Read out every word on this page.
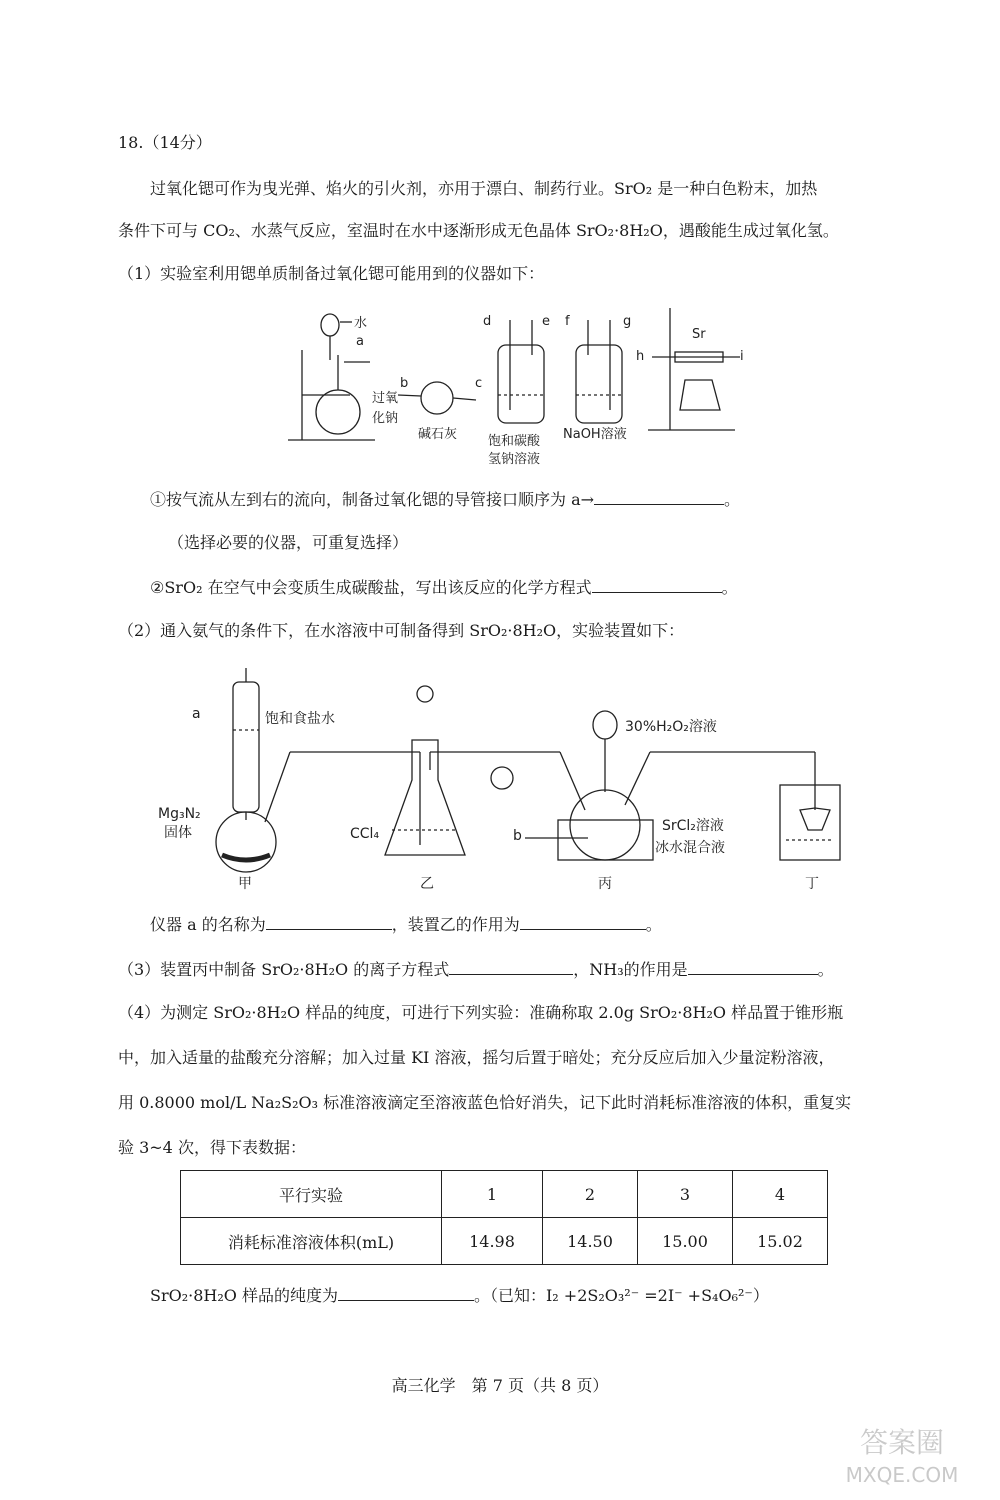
18.（14分）
过氧化锶可作为曳光弹、焰火的引火剂，亦用于漂白、制药行业。SrO₂ 是一种白色粉末，加热
条件下可与 CO₂、水蒸气反应，室温时在水中逐渐形成无色晶体 SrO₂·8H₂O，遇酸能生成过氧化氢。
（1）实验室利用锶单质制备过氧化锶可能用到的仪器如下：
水
a
过氧
化钠
b	c
碱石灰
d	e
饱和碳酸
氢钠溶液
f	g
NaOH溶液
Sr
h	i
①按气流从左到右的流向，制备过氧化锶的导管接口顺序为 a→	。
（选择必要的仪器，可重复选择）
②SrO₂ 在空气中会变质生成碳酸盐，写出该反应的化学方程式	。
（2）通入氨气的条件下，在水溶液中可制备得到 SrO₂·8H₂O，实验装置如下：
a	饱和食盐水
Mg₃N₂
固体
甲
CCl₄
乙
b
30%H₂O₂溶液
SrCl₂溶液
冰水混合液
丙	丁
仪器 a 的名称为	，装置乙的作用为	。
（3）装置丙中制备 SrO₂·8H₂O 的离子方程式	，NH₃的作用是	。
（4）为测定 SrO₂·8H₂O 样品的纯度，可进行下列实验：准确称取 2.0g SrO₂·8H₂O 样品置于锥形瓶
中，加入适量的盐酸充分溶解；加入过量 KI 溶液，摇匀后置于暗处；充分反应后加入少量淀粉溶液，
用 0.8000 mol/L Na₂S₂O₃ 标准溶液滴定至溶液蓝色恰好消失，记下此时消耗标准溶液的体积，重复实
验 3~4 次，得下表数据：
平行实验	1	2	3	4
消耗标准溶液体积(mL)	14.98	14.50	15.00	15.02
SrO₂·8H₂O 样品的纯度为	。（已知：I₂ +2S₂O₃²⁻ =2I⁻ +S₄O₆²⁻）
高三化学　第 7 页（共 8 页）
答案圈
MXQE.COM
